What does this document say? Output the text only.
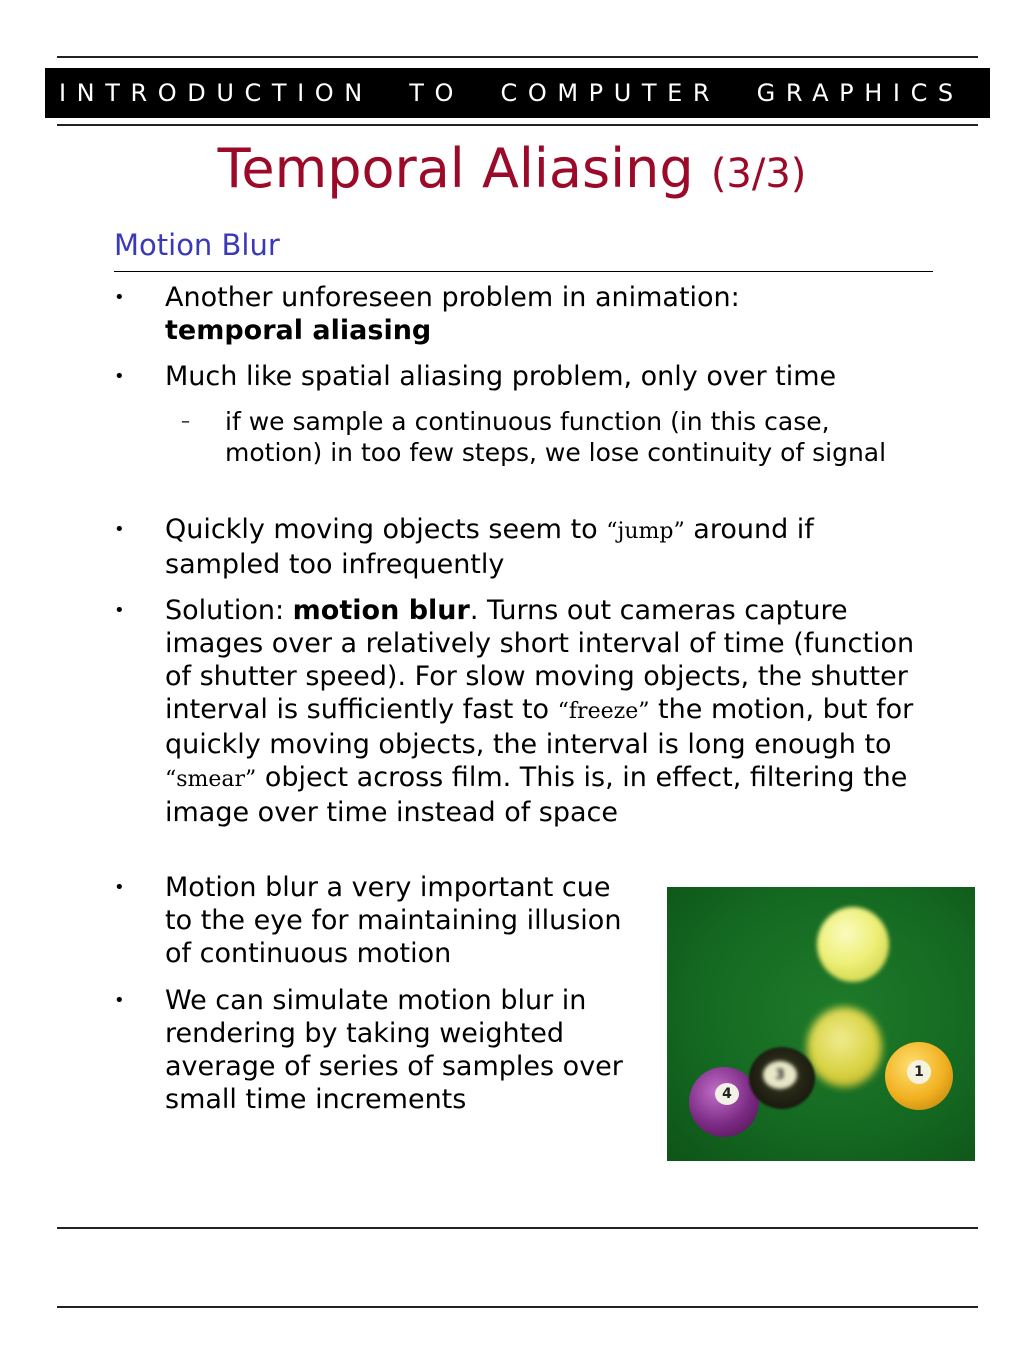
INTRODUCTION  TO  COMPUTER  GRAPHICS
Temporal Aliasing (3/3)
Motion Blur
• Another unforeseen problem in animation:
temporal aliasing
• Much like spatial aliasing problem, only over time
– if we sample a continuous function (in this case, motion) in too few steps, we lose continuity of signal
• Quickly moving objects seem to “jump” around if sampled too infrequently
• Solution: motion blur. Turns out cameras capture images over a relatively short interval of time (function of shutter speed). For slow moving objects, the shutter interval is sufficiently fast to “freeze” the motion, but for quickly moving objects, the interval is long enough to “smear” object across film. This is, in effect, filtering the image over time instead of space
• Motion blur a very important cue to the eye for maintaining illusion of continuous motion
• We can simulate motion blur in rendering by taking weighted average of series of samples over small time increments	4
3	1
